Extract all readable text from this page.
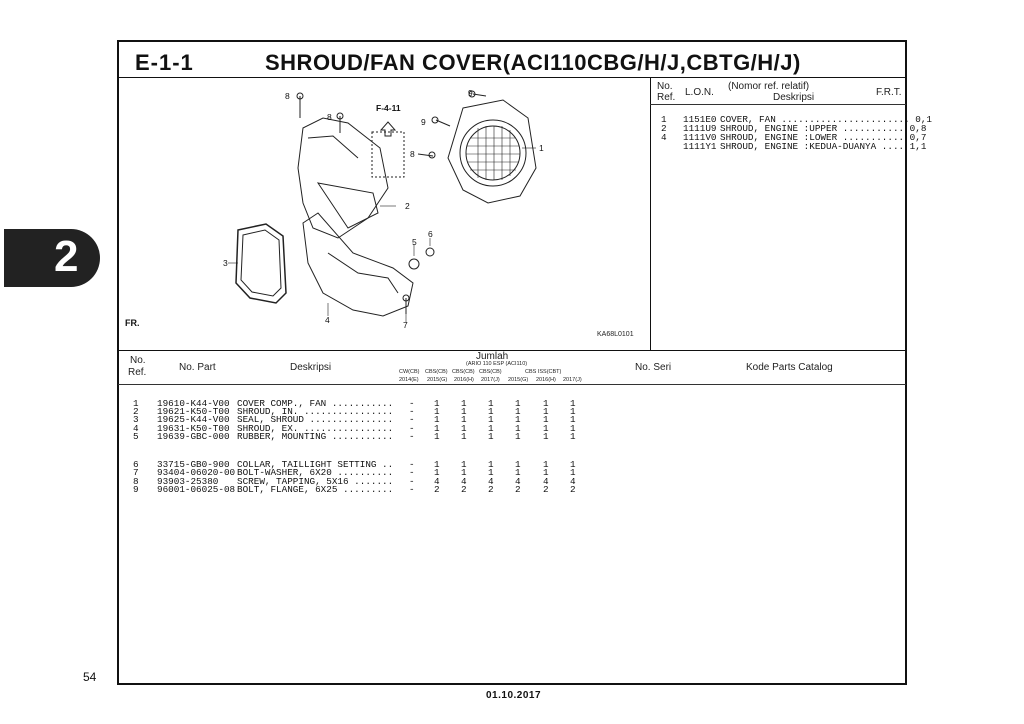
2
E-1-1	SHROUD/FAN COVER(ACI110CBG/H/J,CBTG/H/J)
8
8
9
9
8
1
2
3
4
5
6
7
F-4-11
FR.
KA68L0101
No.
Ref. L.O.N.
(Nomor ref. relatif)
Deskripsi	F.R.T.
1 1151E0 COVER, FAN ....................... 0,1
2 1111U9 SHROUD, ENGINE :UPPER ........... 0,8
4 1111V0 SHROUD, ENGINE :LOWER ........... 0,7
1111Y1 SHROUD, ENGINE :KEDUA-DUANYA .... 1,1
No.
Ref.	No. Part	Deskripsi
Jumlah
(ARIO 110 ESP (ACI110)
CW(CB) CBS(CB) CBS(CB) CBS(CB)	CBS ISS(CBT)
2014(E) 2015(G) 2016(H) 2017(J) 2015(G) 2016(H) 2017(J)
No. Seri	Kode Parts Catalog
1 19610-K44-V00 COVER COMP., FAN ........... - 1 1 1 1 1 1
2 19621-K50-T00 SHROUD, IN. ................ - 1 1 1 1 1 1
3 19625-K44-V00 SEAL, SHROUD ............... - 1 1 1 1 1 1
4 19631-K50-T00 SHROUD, EX. ................ - 1 1 1 1 1 1
5 19639-GBC-000 RUBBER, MOUNTING ........... - 1 1 1 1 1 1
6 33715-GB0-900 COLLAR, TAILLIGHT SETTING .. - 1 1 1 1 1 1
7 93404-06020-00 BOLT-WASHER, 6X20 .......... - 1 1 1 1 1 1
8 93903-25380 SCREW, TAPPING, 5X16 ....... - 4 4 4 4 4 4
9 96001-06025-08 BOLT, FLANGE, 6X25 ......... - 2 2 2 2 2 2
54
01.10.2017
